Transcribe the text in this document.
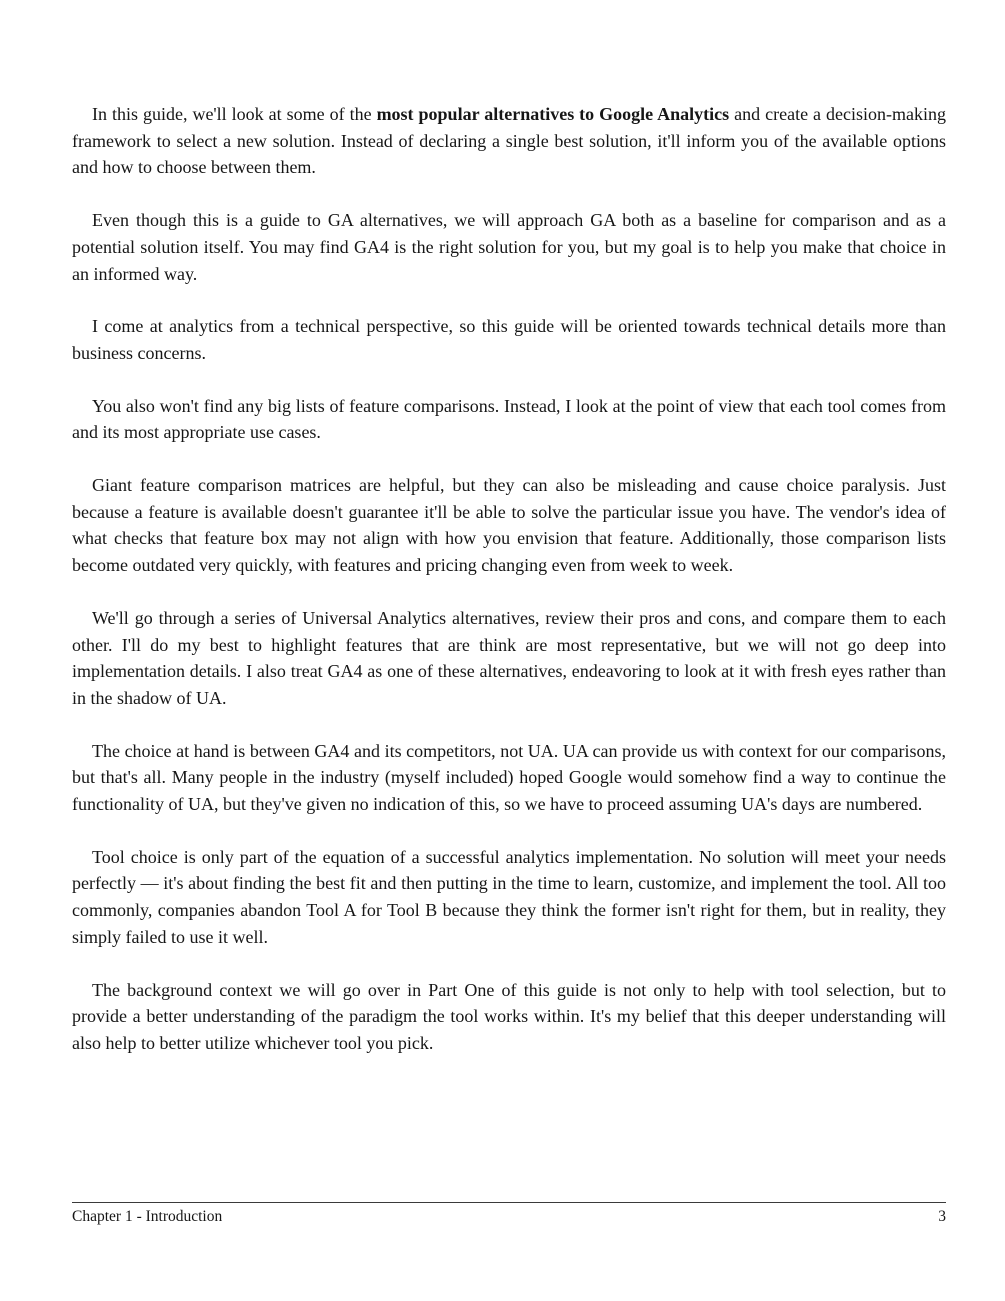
In this guide, we'll look at some of the most popular alternatives to Google Analytics and create a decision-making framework to select a new solution. Instead of declaring a single best solution, it'll inform you of the available options and how to choose between them.

Even though this is a guide to GA alternatives, we will approach GA both as a baseline for comparison and as a potential solution itself. You may find GA4 is the right solution for you, but my goal is to help you make that choice in an informed way.

I come at analytics from a technical perspective, so this guide will be oriented towards technical details more than business concerns.

You also won't find any big lists of feature comparisons. Instead, I look at the point of view that each tool comes from and its most appropriate use cases.

Giant feature comparison matrices are helpful, but they can also be misleading and cause choice paralysis. Just because a feature is available doesn't guarantee it'll be able to solve the particular issue you have. The vendor's idea of what checks that feature box may not align with how you envision that feature. Additionally, those comparison lists become outdated very quickly, with features and pricing changing even from week to week.

We'll go through a series of Universal Analytics alternatives, review their pros and cons, and compare them to each other. I'll do my best to highlight features that are think are most representative, but we will not go deep into implementation details. I also treat GA4 as one of these alternatives, endeavoring to look at it with fresh eyes rather than in the shadow of UA.

The choice at hand is between GA4 and its competitors, not UA. UA can provide us with context for our comparisons, but that's all. Many people in the industry (myself included) hoped Google would somehow find a way to continue the functionality of UA, but they've given no indication of this, so we have to proceed assuming UA's days are numbered.

Tool choice is only part of the equation of a successful analytics implementation. No solution will meet your needs perfectly — it's about finding the best fit and then putting in the time to learn, customize, and implement the tool. All too commonly, companies abandon Tool A for Tool B because they think the former isn't right for them, but in reality, they simply failed to use it well.

The background context we will go over in Part One of this guide is not only to help with tool selection, but to provide a better understanding of the paradigm the tool works within. It's my belief that this deeper understanding will also help to better utilize whichever tool you pick.

Chapter 1 - Introduction	3
